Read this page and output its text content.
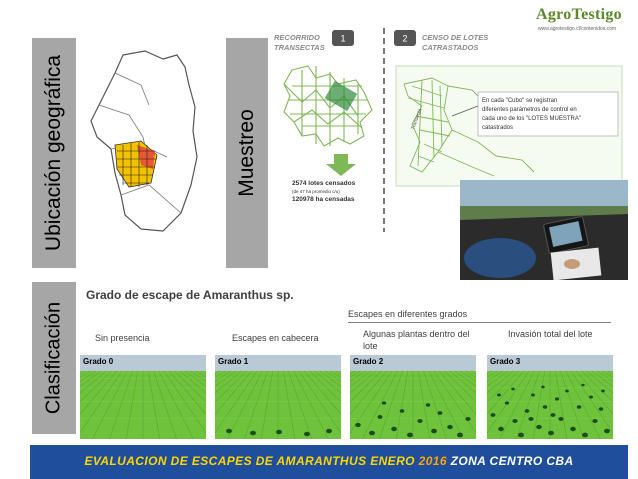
Ubicación geográfica	Muestreo
Clasificación
AgroTestigo
www.agrotestigo.cl/contenidos.com
RECORRIDO
TRANSECTAS
1	2 CENSO DE LOTES
CATRASTADOS
2574 lotes censados
(de 47 ha promedio c/u)
120978 ha censadas
Transecta
En cada "Cubo" se registran
diferentes parámetros de control en
cada uno de los "LOTES MUESTRA"
catastrados
Grado de escape de Amaranthus sp.
Escapes en diferentes grados
Sin presencia	Escapes en cabecera	Algunas plantas dentro del lote
Invasión total del lote
Grado 0	Grado 1	Grado 2	Grado 3
EVALUACION DE ESCAPES DE AMARANTHUS ENERO 2016 ZONA CENTRO CBA
